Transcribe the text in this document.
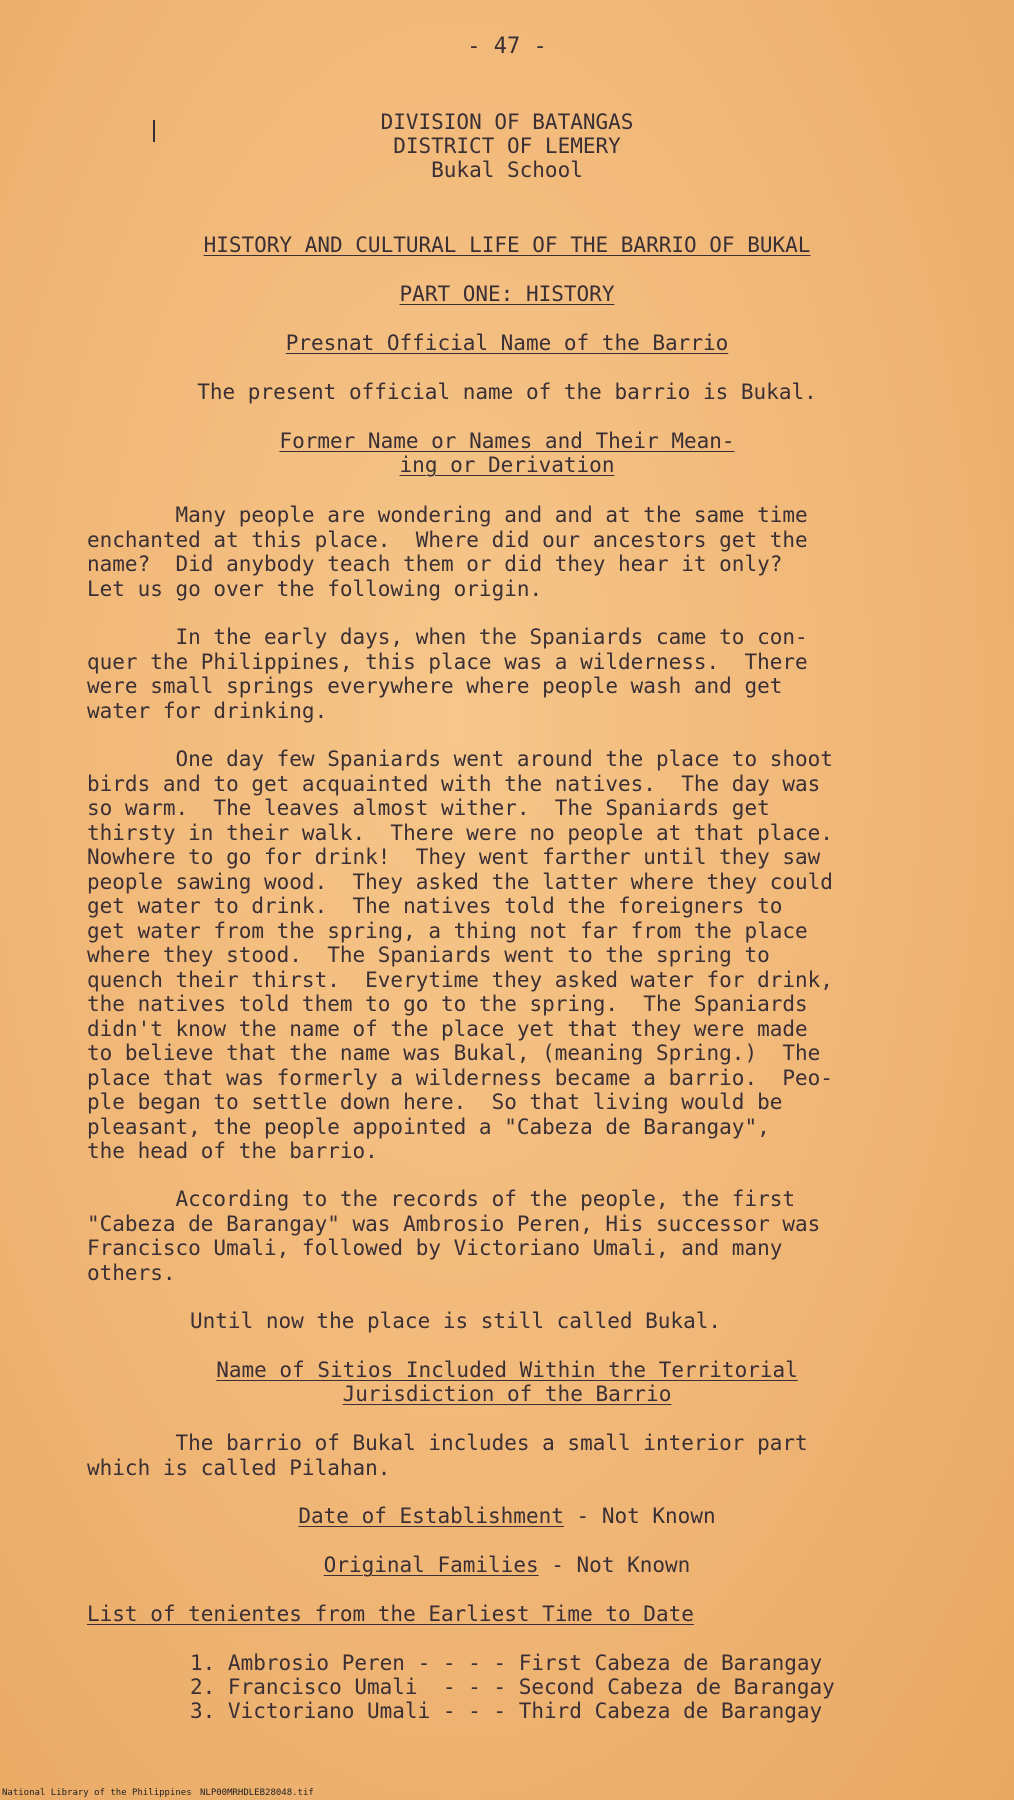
- 47 -
DIVISION OF BATANGAS
DISTRICT OF LEMERY
Bukal School
HISTORY AND CULTURAL LIFE OF THE BARRIO OF BUKAL
PART ONE: HISTORY
Presnat Official Name of the Barrio
The present official name of the barrio is Bukal.
Former Name or Names and Their Mean-
ing or Derivation
Many people are wondering and and at the same time
enchanted at this place.  Where did our ancestors get the
name?  Did anybody teach them or did they hear it only?
Let us go over the following origin.
In the early days, when the Spaniards came to con-
quer the Philippines, this place was a wilderness.  There
were small springs everywhere where people wash and get
water for drinking.
One day few Spaniards went around the place to shoot
birds and to get acquainted with the natives.  The day was
so warm.  The leaves almost wither.  The Spaniards get
thirsty in their walk.  There were no people at that place.
Nowhere to go for drink!  They went farther until they saw
people sawing wood.  They asked the latter where they could
get water to drink.  The natives told the foreigners to
get water from the spring, a thing not far from the place
where they stood.  The Spaniards went to the spring to
quench their thirst.  Everytime they asked water for drink,
the natives told them to go to the spring.  The Spaniards
didn't know the name of the place yet that they were made
to believe that the name was Bukal, (meaning Spring.)  The
place that was formerly a wilderness became a barrio.  Peo-
ple began to settle down here.  So that living would be
pleasant, the people appointed a "Cabeza de Barangay",
the head of the barrio.
According to the records of the people, the first
"Cabeza de Barangay" was Ambrosio Peren, His successor was
Francisco Umali, followed by Victoriano Umali, and many
others.
Until now the place is still called Bukal.
Name of Sitios Included Within the Territorial
Jurisdiction of the Barrio
The barrio of Bukal includes a small interior part
which is called Pilahan.
Date of Establishment - Not Known
Original Families - Not Known
List of tenientes from the Earliest Time to Date
1. Ambrosio Peren - - - - First Cabeza de Barangay
2. Francisco Umali  - - - Second Cabeza de Barangay
3. Victoriano Umali - - - Third Cabeza de Barangay
National Library of the Philippines NLP00MRHDLEB28048.tif
